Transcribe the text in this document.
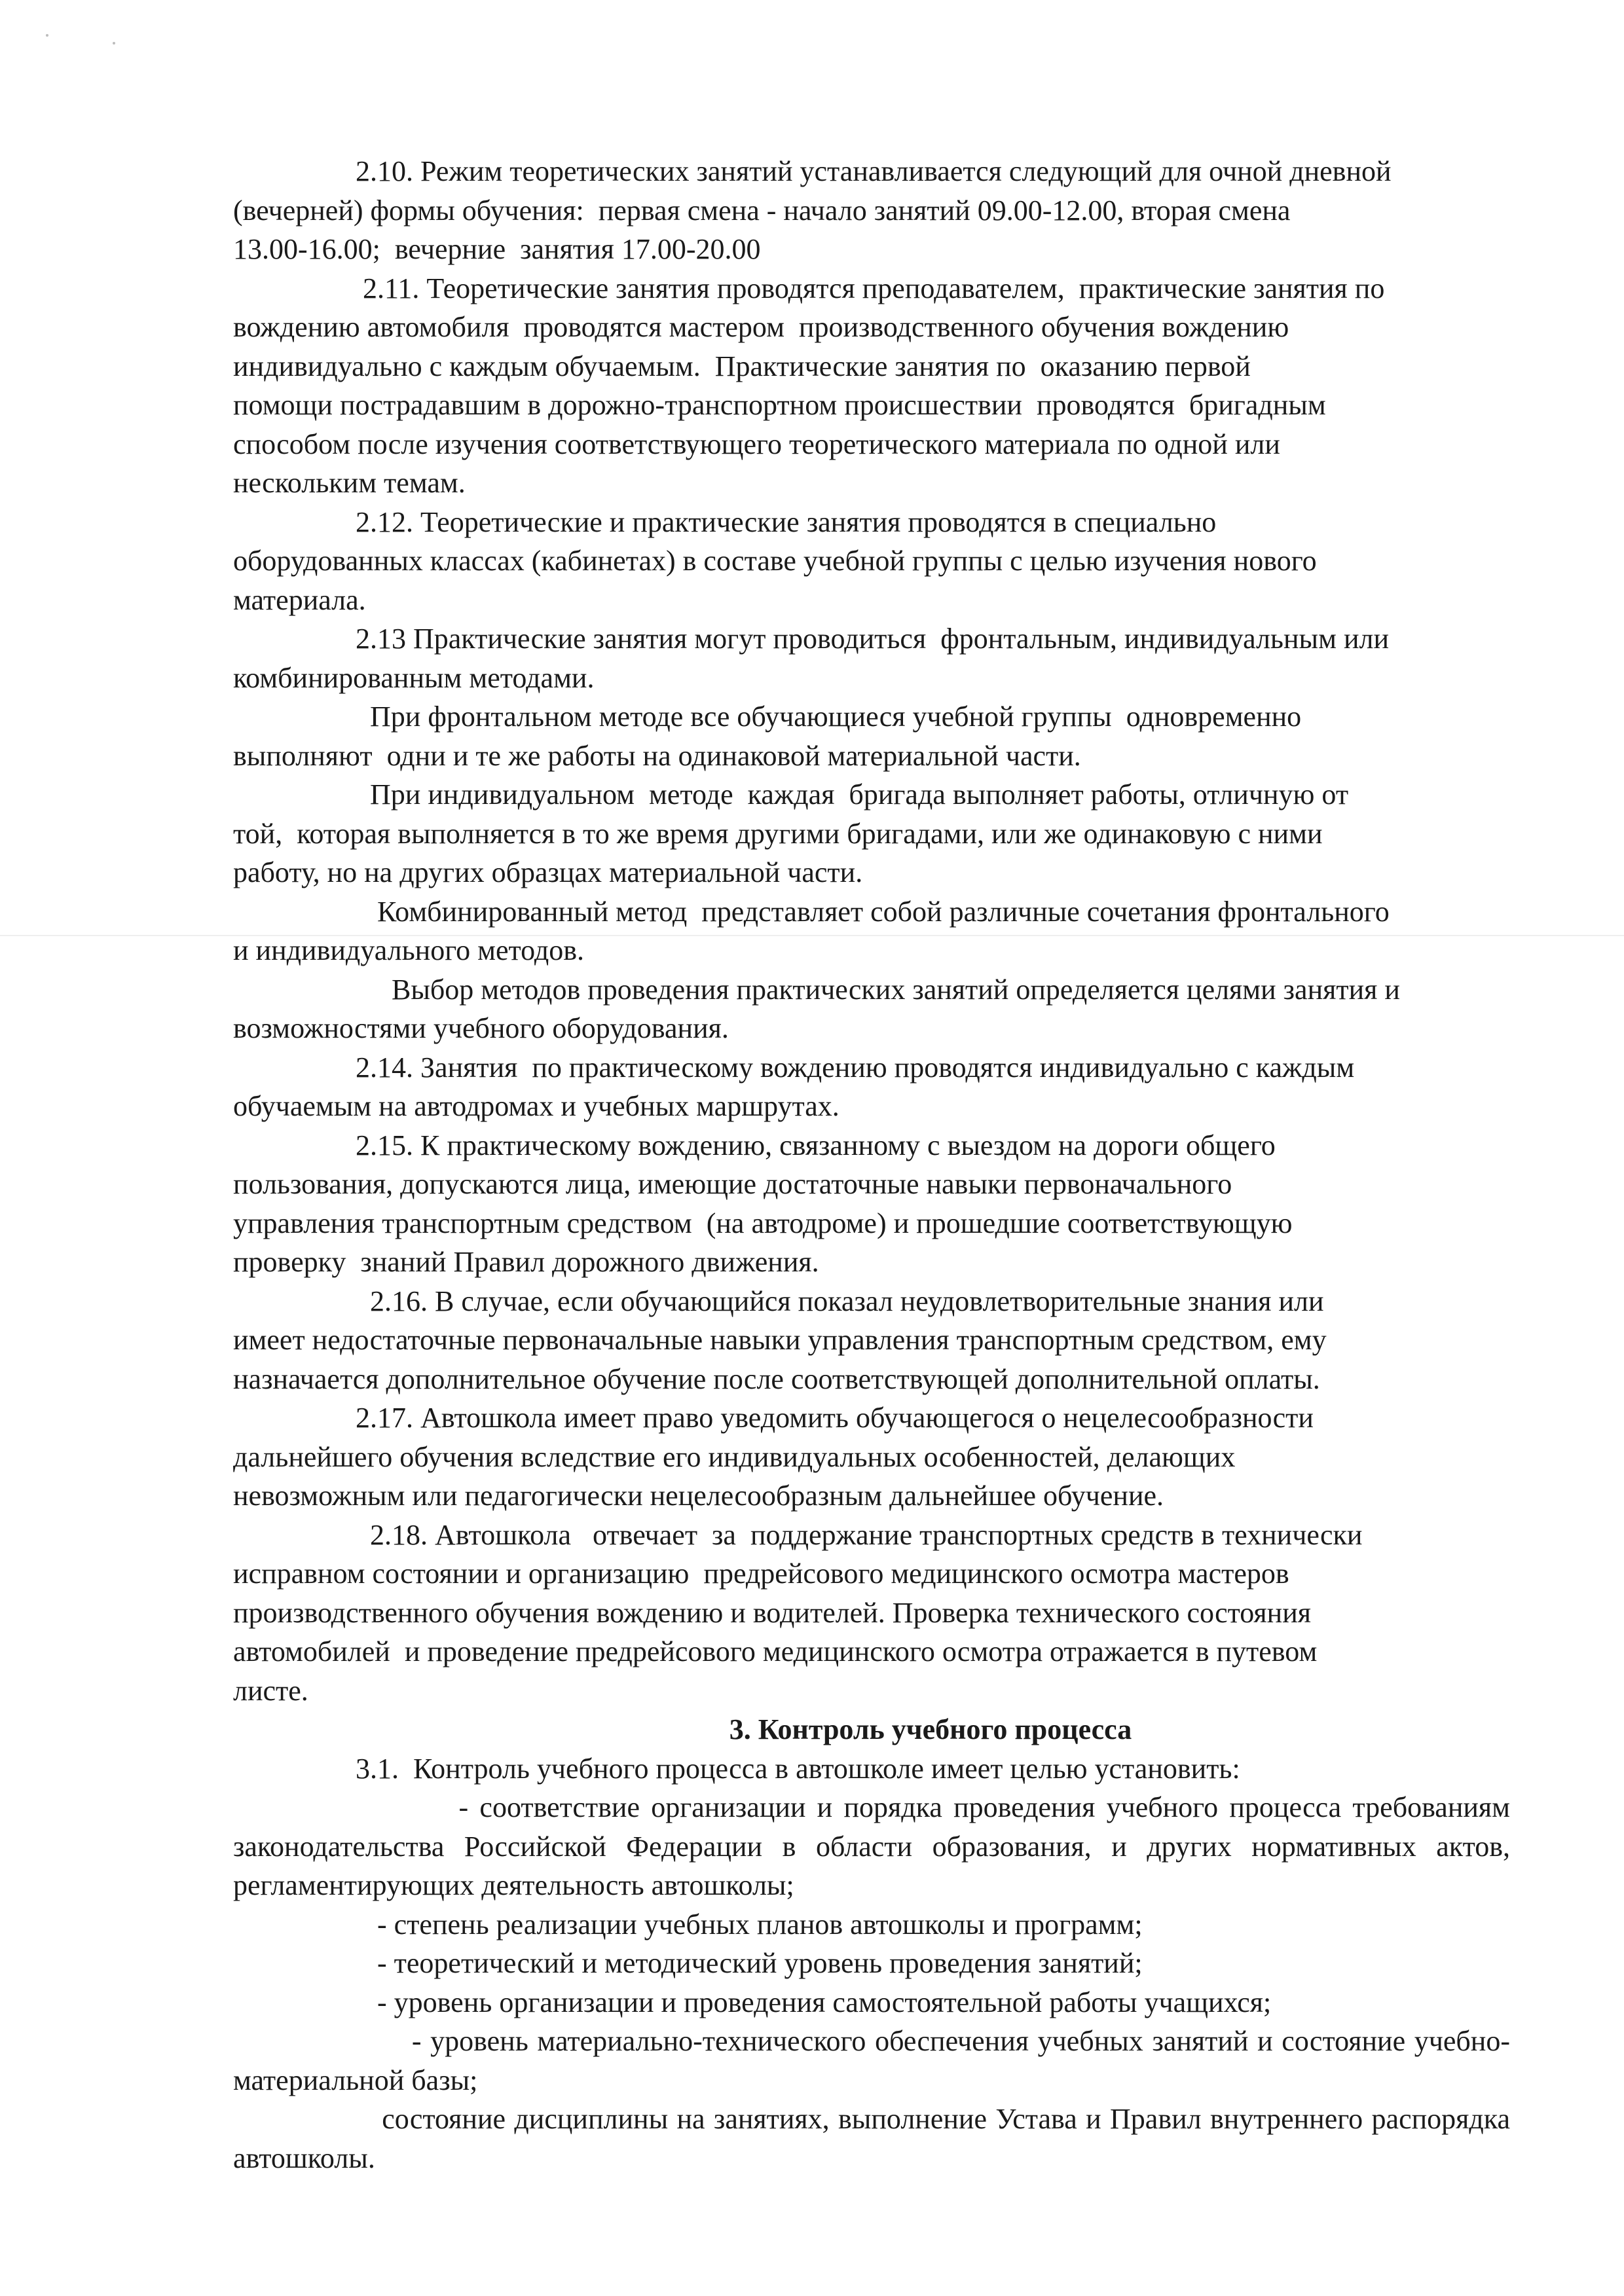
2.10. Режим теоретических занятий устанавливается следующий для очной дневной
(вечерней) формы обучения:  первая смена - начало занятий 09.00-12.00, вторая смена
13.00-16.00;  вечерние  занятия 17.00-20.00

2.11. Теоретические занятия проводятся преподавателем,  практические занятия по
вождению автомобиля  проводятся мастером  производственного обучения вождению
индивидуально с каждым обучаемым.  Практические занятия по  оказанию первой
помощи пострадавшим в дорожно-транспортном происшествии  проводятся  бригадным
способом после изучения соответствующего теоретического материала по одной или
нескольким темам.

2.12. Теоретические и практические занятия проводятся в специально
оборудованных классах (кабинетах) в составе учебной группы с целью изучения нового
материала.

2.13 Практические занятия могут проводиться  фронтальным, индивидуальным или
комбинированным методами.

При фронтальном методе все обучающиеся учебной группы  одновременно
выполняют  одни и те же работы на одинаковой материальной части.

При индивидуальном  методе  каждая  бригада выполняет работы, отличную от
той,  которая выполняется в то же время другими бригадами, или же одинаковую с ними
работу, но на других образцах материальной части.

Комбинированный метод  представляет собой различные сочетания фронтального
и индивидуального методов.

Выбор методов проведения практических занятий определяется целями занятия и
возможностями учебного оборудования.

2.14. Занятия  по практическому вождению проводятся индивидуально с каждым
обучаемым на автодромах и учебных маршрутах.

2.15. К практическому вождению, связанному с выездом на дороги общего
пользования, допускаются лица, имеющие достаточные навыки первоначального
управления транспортным средством  (на автодроме) и прошедшие соответствующую
проверку  знаний Правил дорожного движения.

2.16. В случае, если обучающийся показал неудовлетворительные знания или
имеет недостаточные первоначальные навыки управления транспортным средством, ему
назначается дополнительное обучение после соответствующей дополнительной оплаты.

2.17. Автошкола имеет право уведомить обучающегося о нецелесообразности
дальнейшего обучения вследствие его индивидуальных особенностей, делающих
невозможным или педагогически нецелесообразным дальнейшее обучение.

2.18. Автошкола   отвечает  за  поддержание транспортных средств в технически
исправном состоянии и организацию  предрейсового медицинского осмотра мастеров
производственного обучения вождению и водителей. Проверка технического состояния
автомобилей  и проведение предрейсового медицинского осмотра отражается в путевом
листе.

3. Контроль учебного процесса

3.1.  Контроль учебного процесса в автошколе имеет целью установить:

- соответствие организации и порядка проведения учебного процесса требованиям законодательства Российской Федерации в области образования, и других нормативных актов, регламентирующих деятельность автошколы;

- степень реализации учебных планов автошколы и программ;

- теоретический и методический уровень проведения занятий;

- уровень организации и проведения самостоятельной работы учащихся;

- уровень материально-технического обеспечения учебных занятий и состояние учебно-материальной базы;

состояние дисциплины на занятиях, выполнение Устава и Правил внутреннего распорядка автошколы.
